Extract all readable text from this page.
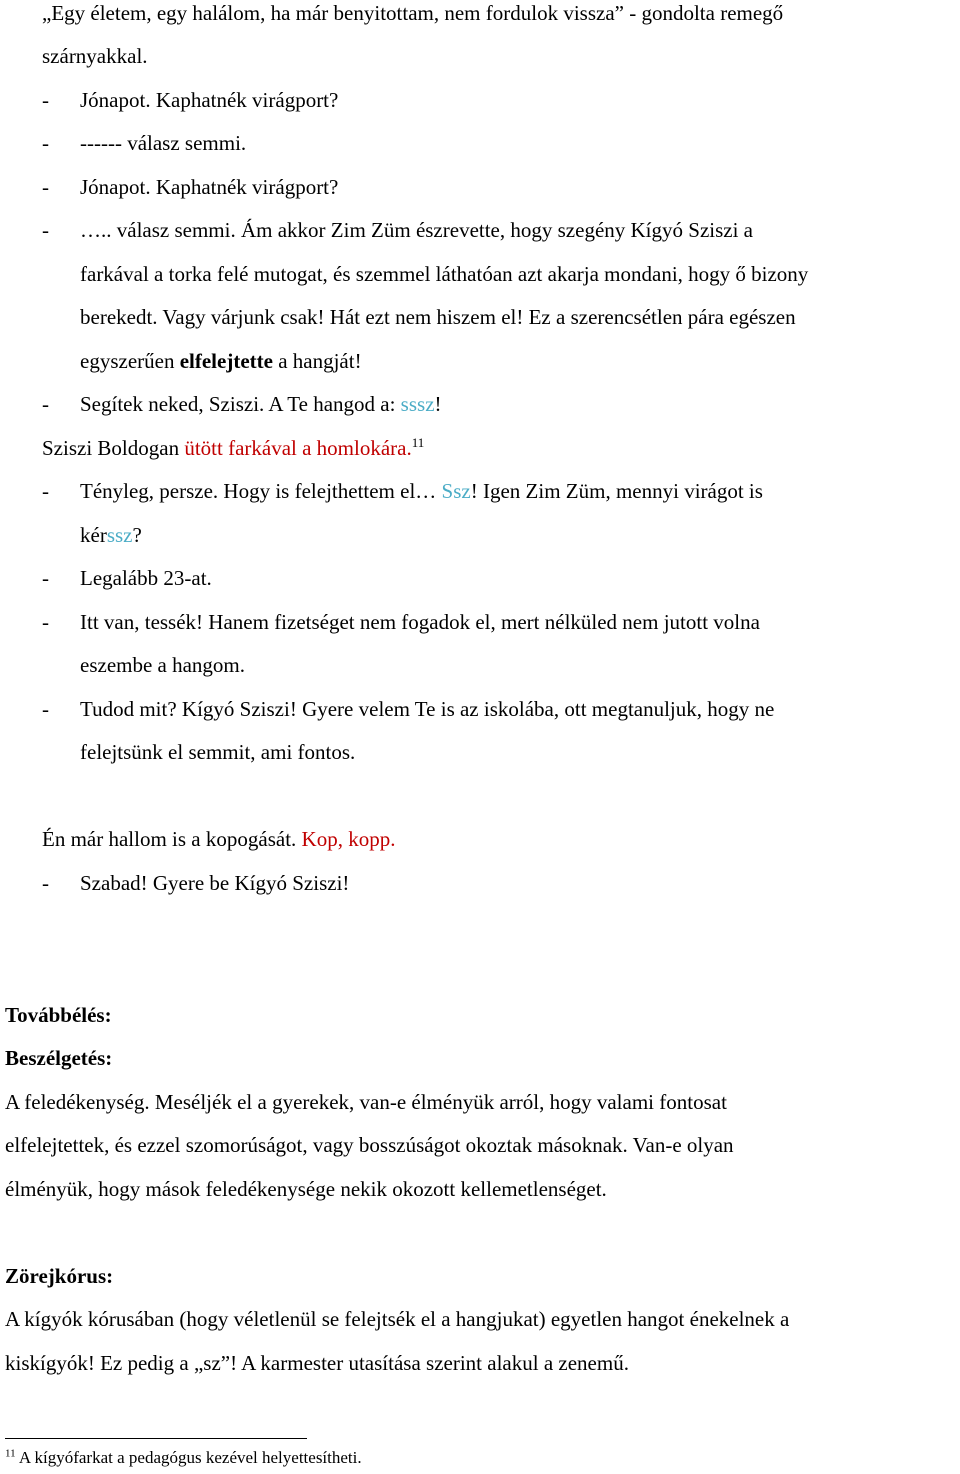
„Egy életem, egy halálom, ha már benyitottam, nem fordulok vissza” - gondolta remegő
szárnyakkal.
- Jónapot. Kaphatnék virágport?
- ------ válasz semmi.
- Jónapot. Kaphatnék virágport?
- ….. válasz semmi. Ám akkor Zim Züm észrevette, hogy szegény Kígyó Sziszi a
farkával a torka felé mutogat, és szemmel láthatóan azt akarja mondani, hogy ő bizony
berekedt. Vagy várjunk csak! Hát ezt nem hiszem el! Ez a szerencsétlen pára egészen
egyszerűen elfelejtette a hangját!
- Segítek neked, Sziszi. A Te hangod a: sssz!
Sziszi Boldogan ütött farkával a homlokára.$^{11}$
- Tényleg, persze. Hogy is felejthettem el… Ssz! Igen Zim Züm, mennyi virágot is
kérssz?
- Legalább 23-at.
- Itt van, tessék! Hanem fizetséget nem fogadok el, mert nélküled nem jutott volna
eszembe a hangom.
- Tudod mit? Kígyó Sziszi! Gyere velem Te is az iskolába, ott megtanuljuk, hogy ne
felejtsünk el semmit, ami fontos.
Én már hallom is a kopogását. Kop, kopp.
- Szabad! Gyere be Kígyó Sziszi!
Továbbélés:
Beszélgetés:
A feledékenység. Meséljék el a gyerekek, van-e élményük arról, hogy valami fontosat
elfelejtettek, és ezzel szomorúságot, vagy bosszúságot okoztak másoknak. Van-e olyan
élményük, hogy mások feledékenysége nekik okozott kellemetlenséget.
Zörejkórus:
A kígyók kórusában (hogy véletlenül se felejtsék el a hangjukat) egyetlen hangot énekelnek a
kiskígyók! Ez pedig a „sz”! A karmester utasítása szerint alakul a zenemű.
$^{11}$ A kígyófarkat a pedagógus kezével helyettesítheti.
